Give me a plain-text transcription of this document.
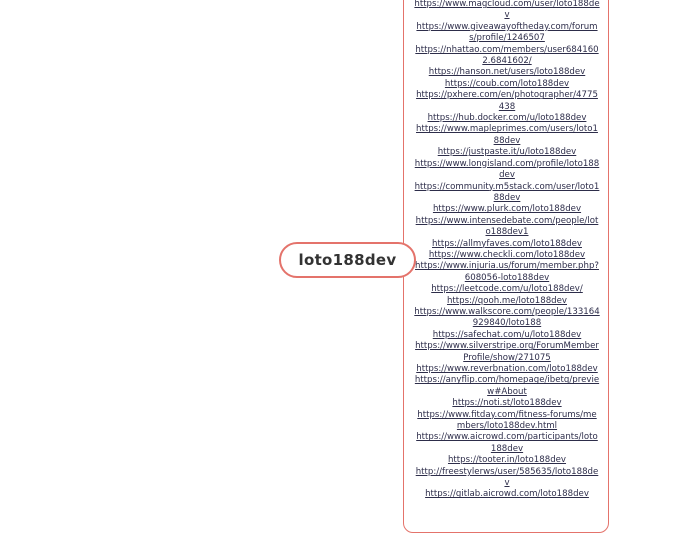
https://www.magcloud.com/user/loto188dev
https://www.giveawayoftheday.com/forums/profile/1246507
https://nhattao.com/members/user6841602.6841602/
https://hanson.net/users/loto188dev
https://coub.com/loto188dev
https://pxhere.com/en/photographer/4775438
https://hub.docker.com/u/loto188dev
https://www.mapleprimes.com/users/loto188dev
https://justpaste.it/u/loto188dev
https://www.longisland.com/profile/loto188dev
https://community.m5stack.com/user/loto188dev
https://www.plurk.com/loto188dev
https://www.intensedebate.com/people/loto188dev1
https://allmyfaves.com/loto188dev
https://www.checkli.com/loto188dev
https://www.injuria.us/forum/member.php?608056-loto188dev
https://leetcode.com/u/loto188dev/
https://qooh.me/loto188dev
https://www.walkscore.com/people/133164929840/loto188
https://safechat.com/u/loto188dev
https://www.silverstripe.org/ForumMemberProfile/show/271075
https://www.reverbnation.com/loto188dev
https://anyflip.com/homepage/ibetq/preview#About
https://noti.st/loto188dev
https://www.fitday.com/fitness-forums/members/loto188dev.html
https://www.aicrowd.com/participants/loto188dev
https://tooter.in/loto188dev
http://freestylerws/user/585635/loto188dev
https://gitlab.aicrowd.com/loto188dev
loto188dev
